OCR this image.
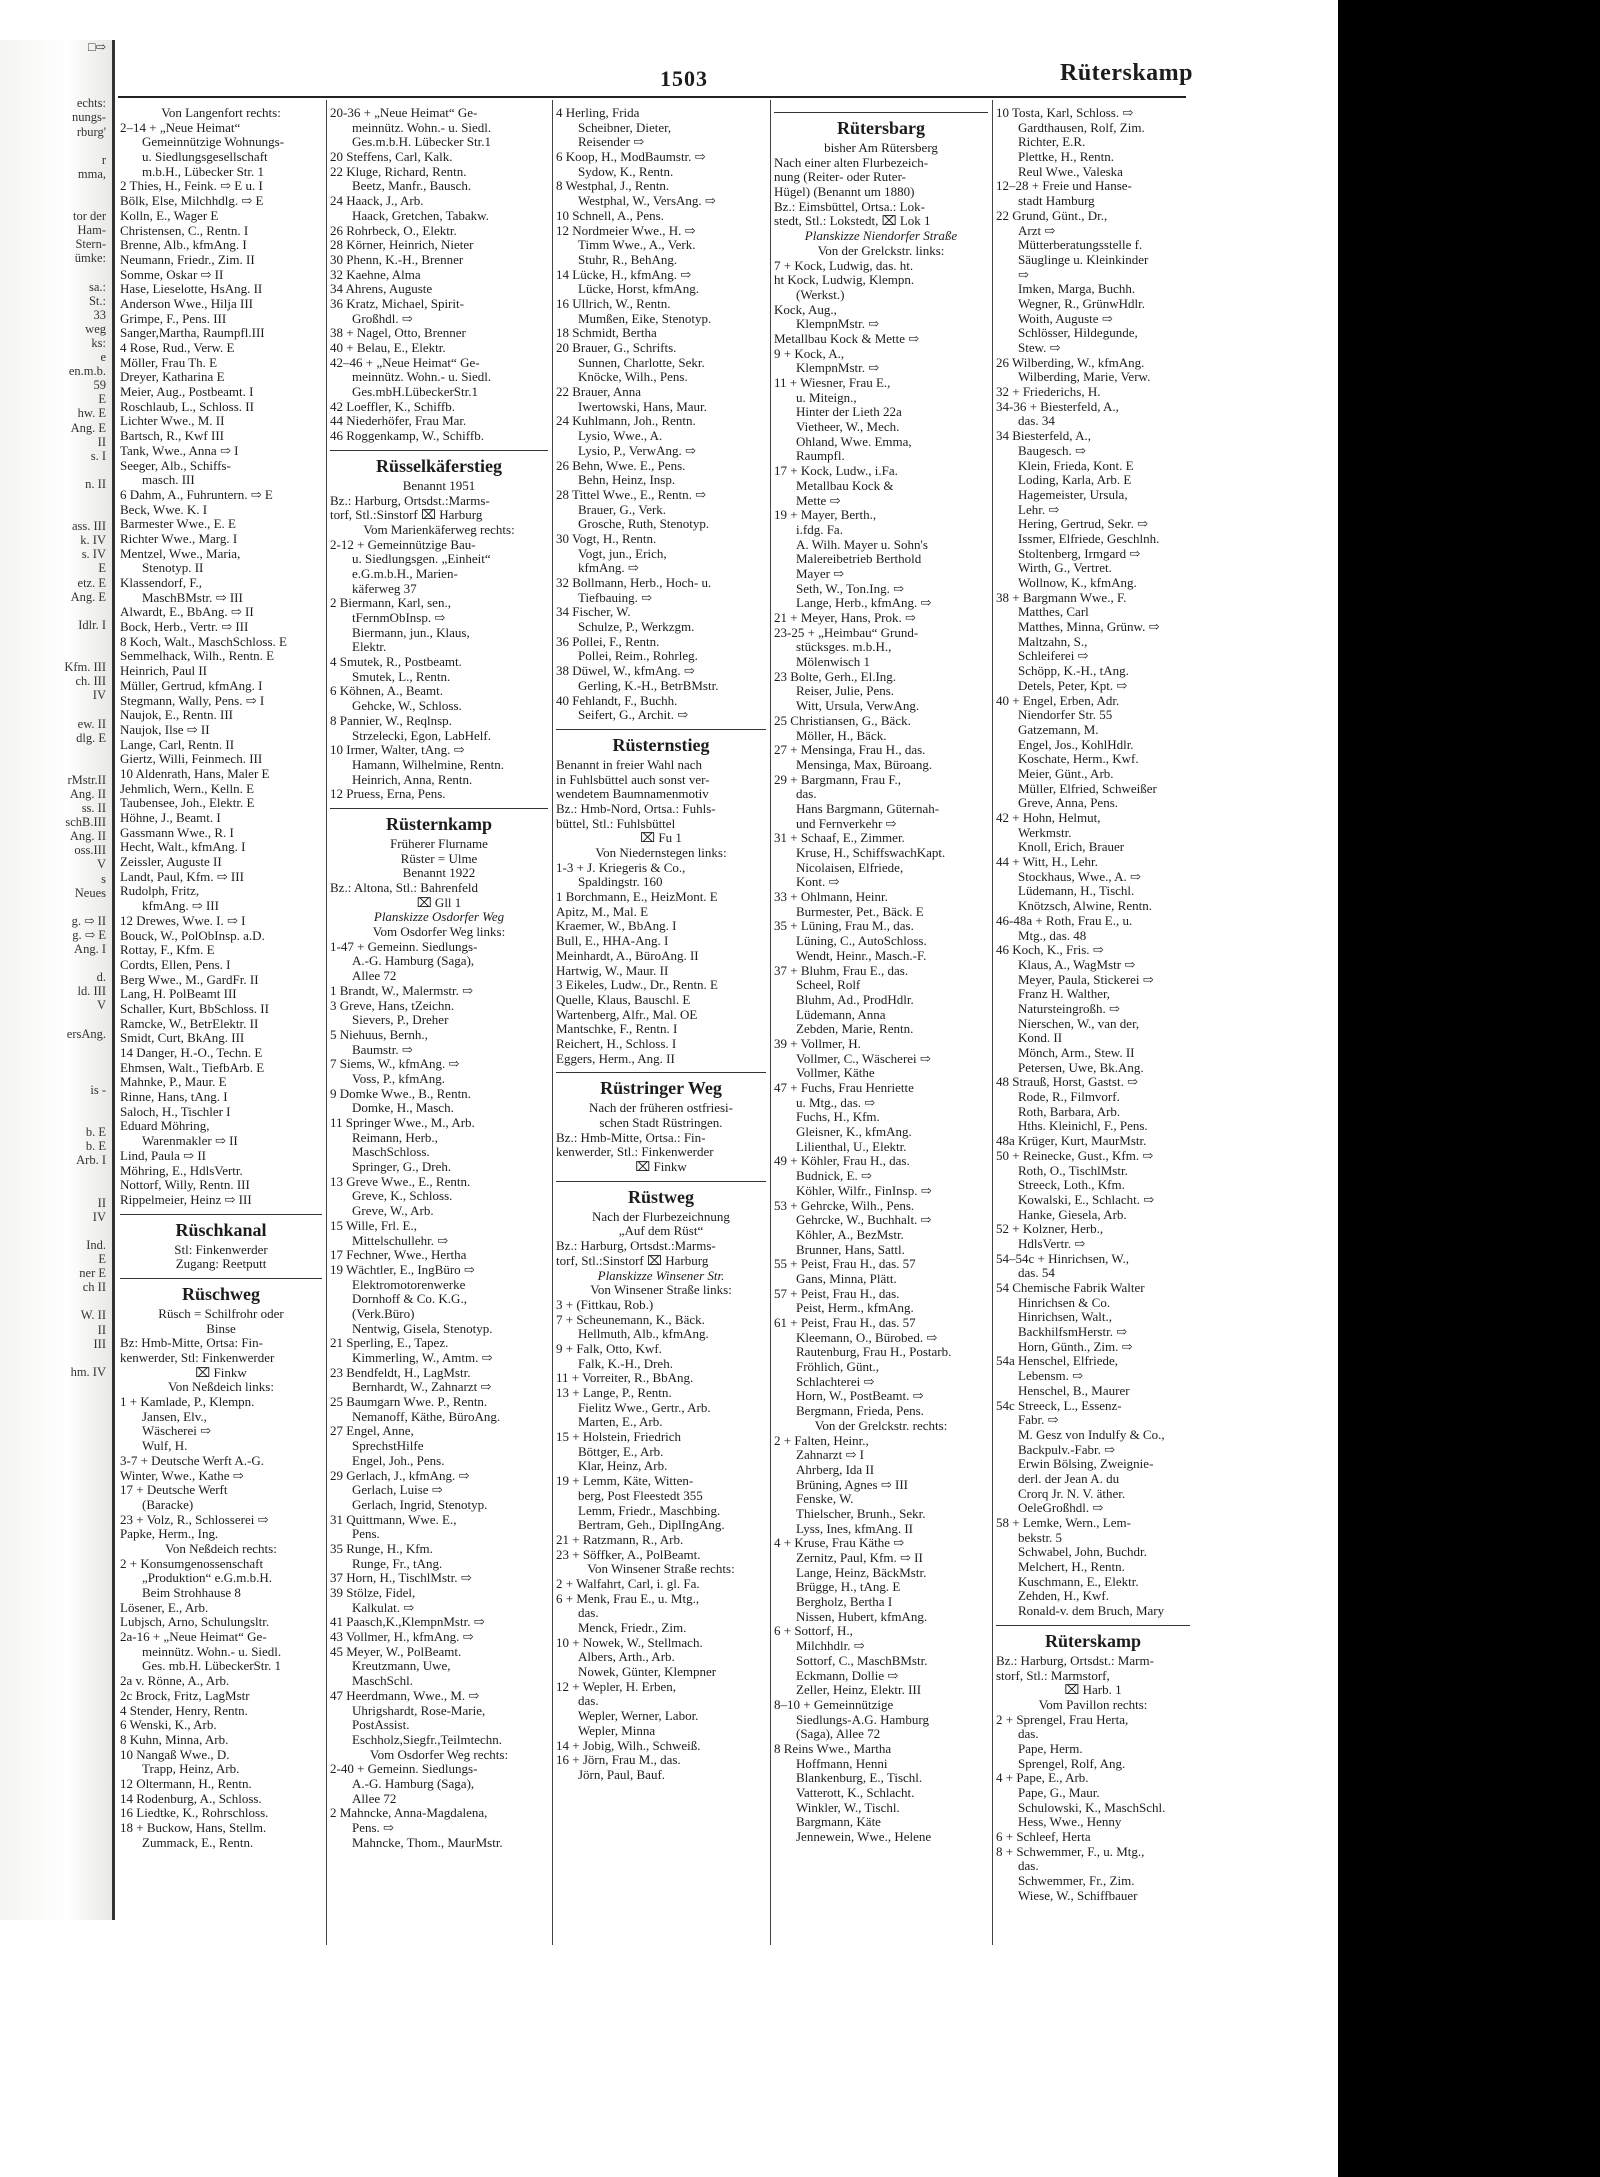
□⇨

echts:
nungs-
rburg'

r
mma,

tor der
Ham-
Stern-
ümke:

sa.:
St.:
33
weg
ks:
e
en.m.b.
59
E
hw. E
Ang. E
II
s. I

n. II

ass. III
k. IV
s. IV
E
etz. E
Ang. E

Idlr. I

Kfm. III
ch. III
IV

ew. II
dlg. E

rMstr.II
Ang. II
ss. II
schB.III
Ang. II
oss.III
V
s
Neues

g. ⇨ II
g. ⇨ E
Ang. I

d.
ld. III
V

ersAng.

is -

b. E
b. E
Arb. I

II
IV

Ind.
E
ner E
ch II

W. II
II
III

hm. IV
1503	Rüterskamp
Von Langenfort rechts:
2–14 + „Neue Heimat“
Gemeinnützige Wohnungs-
u. Siedlungsgesellschaft
m.b.H., Lübecker Str. 1
2 Thies, H., Feink. ⇨ E u. I
Bölk, Else, Milchhdlg. ⇨ E
Kolln, E., Wager E
Christensen, C., Rentn. I
Brenne, Alb., kfmAng. I
Neumann, Friedr., Zim. II
Somme, Oskar ⇨ II
Hase, Lieselotte, HsAng. II
Anderson Wwe., Hilja III
Grimpe, F., Pens. III
Sanger,Martha, Raumpfl.III
4 Rose, Rud., Verw. E
Möller, Frau Th. E
Dreyer, Katharina E
Meier, Aug., Postbeamt. I
Roschlaub, L., Schloss. II
Lichter Wwe., M. II
Bartsch, R., Kwf III
Tank, Wwe., Anna ⇨ I
Seeger, Alb., Schiffs-
masch. III
6 Dahm, A., Fuhruntern. ⇨ E
Beck, Wwe. K. I
Barmester Wwe., E. E
Richter Wwe., Marg. I
Mentzel, Wwe., Maria,
Stenotyp. II
Klassendorf, F.,
MaschBMstr. ⇨ III
Alwardt, E., BbAng. ⇨ II
Bock, Herb., Vertr. ⇨ III
8 Koch, Walt., MaschSchloss. E
Semmelhack, Wilh., Rentn. E
Heinrich, Paul II
Müller, Gertrud, kfmAng. I
Stegmann, Wally, Pens. ⇨ I
Naujok, E., Rentn. III
Naujok, Ilse ⇨ II
Lange, Carl, Rentn. II
Giertz, Willi, Feinmech. III
10 Aldenrath, Hans, Maler E
Jehmlich, Wern., Kelln. E
Taubensee, Joh., Elektr. E
Höhne, J., Beamt. I
Gassmann Wwe., R. I
Hecht, Walt., kfmAng. I
Zeissler, Auguste II
Landt, Paul, Kfm. ⇨ III
Rudolph, Fritz,
kfmAng. ⇨ III
12 Drewes, Wwe. I. ⇨ I
Bouck, W., PolObInsp. a.D.
Rottay, F., Kfm. E
Cordts, Ellen, Pens. I
Berg Wwe., M., GardFr. II
Lang, H. PolBeamt III
Schaller, Kurt, BbSchloss. II
Ramcke, W., BetrElektr. II
Smidt, Curt, BkAng. III
14 Danger, H.-O., Techn. E
Ehmsen, Walt., TiefbArb. E
Mahnke, P., Maur. E
Rinne, Hans, tAng. I
Saloch, H., Tischler I
Eduard Möhring,
Warenmakler ⇨ II
Lind, Paula ⇨ II
Möhring, E., HdlsVertr.
Nottorf, Willy, Rentn. III
Rippelmeier, Heinz ⇨ III
Rüschkanal
Stl: Finkenwerder
Zugang: Reetputt
Rüschweg
Rüsch = Schilfrohr oder
Binse
Bz: Hmb-Mitte, Ortsa: Fin-
kenwerder, Stl: Finkenwerder
⌧ Finkw
Von Neßdeich links:
1 + Kamlade, P., Klempn.
Jansen, Elv.,
Wäscherei ⇨
Wulf, H.
3-7 + Deutsche Werft A.-G.
Winter, Wwe., Kathe ⇨
17 + Deutsche Werft
(Baracke)
23 + Volz, R., Schlosserei ⇨
Papke, Herm., Ing.
Von Neßdeich rechts:
2 + Konsumgenossenschaft
„Produktion“ e.G.m.b.H.
Beim Strohhause 8
Lösener, E., Arb.
Lubjsch, Arno, Schulungsltr.
2a-16 + „Neue Heimat“ Ge-
meinnütz. Wohn.- u. Siedl.
Ges. mb.H. LübeckerStr. 1
2a v. Rönne, A., Arb.
2c Brock, Fritz, LagMstr
4 Stender, Henry, Rentn.
6 Wenski, K., Arb.
8 Kuhn, Minna, Arb.
10 Nangaß Wwe., D.
Trapp, Heinz, Arb.
12 Oltermann, H., Rentn.
14 Rodenburg, A., Schloss.
16 Liedtke, K., Rohrschloss.
18 + Buckow, Hans, Stellm.
Zummack, E., Rentn.
20-36 + „Neue Heimat“ Ge-
meinnütz. Wohn.- u. Siedl.
Ges.m.b.H. Lübecker Str.1
20 Steffens, Carl, Kalk.
22 Kluge, Richard, Rentn.
Beetz, Manfr., Bausch.
24 Haack, J., Arb.
Haack, Gretchen, Tabakw.
26 Rohrbeck, O., Elektr.
28 Körner, Heinrich, Nieter
30 Phenn, K.-H., Brenner
32 Kaehne, Alma
34 Ahrens, Auguste
36 Kratz, Michael, Spirit-
Großhdl. ⇨
38 + Nagel, Otto, Brenner
40 + Belau, E., Elektr.
42–46 + „Neue Heimat“ Ge-
meinnütz. Wohn.- u. Siedl.
Ges.mbH.LübeckerStr.1
42 Loeffler, K., Schiffb.
44 Niederhöfer, Frau Mar.
46 Roggenkamp, W., Schiffb.
Rüsselkäferstieg
Benannt 1951
Bz.: Harburg, Ortsdst.:Marms-
torf, Stl.:Sinstorf ⌧ Harburg
Vom Marienkäferweg rechts:
2-12 + Gemeinnützige Bau-
u. Siedlungsgen. „Einheit“
e.G.m.b.H., Marien-
käferweg 37
2 Biermann, Karl, sen.,
tFernmObInsp. ⇨
Biermann, jun., Klaus,
Elektr.
4 Smutek, R., Postbeamt.
Smutek, L., Rentn.
6 Köhnen, A., Beamt.
Gehcke, W., Schloss.
8 Pannier, W., Reqlnsp.
Strzelecki, Egon, LabHelf.
10 Irmer, Walter, tAng. ⇨
Hamann, Wilhelmine, Rentn.
Heinrich, Anna, Rentn.
12 Pruess, Erna, Pens.
Rüsternkamp
Früherer Flurname
Rüster = Ulme
Benannt 1922
Bz.: Altona, Stl.: Bahrenfeld
⌧ Gll 1
Planskizze Osdorfer Weg
Vom Osdorfer Weg links:
1-47 + Gemeinn. Siedlungs-
A.-G. Hamburg (Saga),
Allee 72
1 Brandt, W., Malermstr. ⇨
3 Greve, Hans, tZeichn.
Sievers, P., Dreher
5 Niehuus, Bernh.,
Baumstr. ⇨
7 Siems, W., kfmAng. ⇨
Voss, P., kfmAng.
9 Domke Wwe., B., Rentn.
Domke, H., Masch.
11 Springer Wwe., M., Arb.
Reimann, Herb.,
MaschSchloss.
Springer, G., Dreh.
13 Greve Wwe., E., Rentn.
Greve, K., Schloss.
Greve, W., Arb.
15 Wille, Frl. E.,
Mittelschullehr. ⇨
17 Fechner, Wwe., Hertha
19 Wächtler, E., IngBüro ⇨
Elektromotorenwerke
Dornhoff & Co. K.G.,
(Verk.Büro)
Nentwig, Gisela, Stenotyp.
21 Sperling, E., Tapez.
Kimmerling, W., Amtm. ⇨
23 Bendfeldt, H., LagMstr.
Bernhardt, W., Zahnarzt ⇨
25 Baumgarn Wwe. P., Rentn.
Nemanoff, Käthe, BüroAng.
27 Engel, Anne,
SprechstHilfe
Engel, Joh., Pens.
29 Gerlach, J., kfmAng. ⇨
Gerlach, Luise ⇨
Gerlach, Ingrid, Stenotyp.
31 Quittmann, Wwe. E.,
Pens.
35 Runge, H., Kfm.
Runge, Fr., tAng.
37 Horn, H., TischlMstr. ⇨
39 Stölze, Fidel,
Kalkulat. ⇨
41 Paasch,K.,KlempnMstr. ⇨
43 Vollmer, H., kfmAng. ⇨
45 Meyer, W., PolBeamt.
Kreutzmann, Uwe,
MaschSchl.
47 Heerdmann, Wwe., M. ⇨
Uhrigshardt, Rose-Marie,
PostAssist.
Eschholz,Siegfr.,Teilmtechn.
Vom Osdorfer Weg rechts:
2-40 + Gemeinn. Siedlungs-
A.-G. Hamburg (Saga),
Allee 72
2 Mahncke, Anna-Magdalena,
Pens. ⇨
Mahncke, Thom., MaurMstr.
4 Herling, Frida
Scheibner, Dieter,
Reisender ⇨
6 Koop, H., ModBaumstr. ⇨
Sydow, K., Rentn.
8 Westphal, J., Rentn.
Westphal, W., VersAng. ⇨
10 Schnell, A., Pens.
12 Nordmeier Wwe., H. ⇨
Timm Wwe., A., Verk.
Stuhr, R., BehAng.
14 Lücke, H., kfmAng. ⇨
Lücke, Horst, kfmAng.
16 Ullrich, W., Rentn.
Mumßen, Eike, Stenotyp.
18 Schmidt, Bertha
20 Brauer, G., Schrifts.
Sunnen, Charlotte, Sekr.
Knöcke, Wilh., Pens.
22 Brauer, Anna
Iwertowski, Hans, Maur.
24 Kuhlmann, Joh., Rentn.
Lysio, Wwe., A.
Lysio, P., VerwAng. ⇨
26 Behn, Wwe. E., Pens.
Behn, Heinz, Insp.
28 Tittel Wwe., E., Rentn. ⇨
Brauer, G., Verk.
Grosche, Ruth, Stenotyp.
30 Vogt, H., Rentn.
Vogt, jun., Erich,
kfmAng. ⇨
32 Bollmann, Herb., Hoch- u.
Tiefbauing. ⇨
34 Fischer, W.
Schulze, P., Werkzgm.
36 Pollei, F., Rentn.
Pollei, Reim., Rohrleg.
38 Düwel, W., kfmAng. ⇨
Gerling, K.-H., BetrBMstr.
40 Fehlandt, F., Buchh.
Seifert, G., Archit. ⇨
Rüsternstieg
Benannt in freier Wahl nach
in Fuhlsbüttel auch sonst ver-
wendetem Baumnamenmotiv
Bz.: Hmb-Nord, Ortsa.: Fuhls-
büttel, Stl.: Fuhlsbüttel
⌧ Fu 1
Von Niedernstegen links:
1-3 + J. Kriegeris & Co.,
Spaldingstr. 160
1 Borchmann, E., HeizMont. E
Apitz, M., Mal. E
Kraemer, W., BbAng. I
Bull, E., HHA-Ang. I
Meinhardt, A., BüroAng. II
Hartwig, W., Maur. II
3 Eikeles, Ludw., Dr., Rentn. E
Quelle, Klaus, Bauschl. E
Wartenberg, Alfr., Mal. OE
Mantschke, F., Rentn. I
Reichert, H., Schloss. I
Eggers, Herm., Ang. II
Rüstringer Weg
Nach der früheren ostfriesi-
schen Stadt Rüstringen.
Bz.: Hmb-Mitte, Ortsa.: Fin-
kenwerder, Stl.: Finkenwerder
⌧ Finkw
Rüstweg
Nach der Flurbezeichnung
„Auf dem Rüst“
Bz.: Harburg, Ortsdst.:Marms-
torf, Stl.:Sinstorf ⌧ Harburg
Planskizze Winsener Str.
Von Winsener Straße links:
3 + (Fittkau, Rob.)
7 + Scheunemann, K., Bäck.
Hellmuth, Alb., kfmAng.
9 + Falk, Otto, Kwf.
Falk, K.-H., Dreh.
11 + Vorreiter, R., BbAng.
13 + Lange, P., Rentn.
Fielitz Wwe., Gertr., Arb.
Marten, E., Arb.
15 + Holstein, Friedrich
Böttger, E., Arb.
Klar, Heinz, Arb.
19 + Lemm, Käte, Witten-
berg, Post Fleestedt 355
Lemm, Friedr., Maschbing.
Bertram, Geh., DiplIngAng.
21 + Ratzmann, R., Arb.
23 + Söffker, A., PolBeamt.
Von Winsener Straße rechts:
2 + Walfahrt, Carl, i. gl. Fa.
6 + Menk, Frau E., u. Mtg.,
das.
Menck, Friedr., Zim.
10 + Nowek, W., Stellmach.
Albers, Arth., Arb.
Nowek, Günter, Klempner
12 + Wepler, H. Erben,
das.
Wepler, Werner, Labor.
Wepler, Minna
14 + Jobig, Wilh., Schweiß.
16 + Jörn, Frau M., das.
Jörn, Paul, Bauf.
Rütersbarg
bisher Am Rütersberg
Nach einer alten Flurbezeich-
nung (Reiter- oder Ruter-
Hügel) (Benannt um 1880)
Bz.: Eimsbüttel, Ortsa.: Lok-
stedt, Stl.: Lokstedt, ⌧ Lok 1
Planskizze Niendorfer Straße
Von der Grelckstr. links:
7 + Kock, Ludwig, das. ht.
ht Kock, Ludwig, Klempn.
(Werkst.)
Kock, Aug.,
KlempnMstr. ⇨
Metallbau Kock & Mette ⇨
9 + Kock, A.,
KlempnMstr. ⇨
11 + Wiesner, Frau E.,
u. Miteign.,
Hinter der Lieth 22a
Vietheer, W., Mech.
Ohland, Wwe. Emma,
Raumpfl.
17 + Kock, Ludw., i.Fa.
Metallbau Kock &
Mette ⇨
19 + Mayer, Berth.,
i.fdg. Fa.
A. Wilh. Mayer u. Sohn's
Malereibetrieb Berthold
Mayer ⇨
Seth, W., Ton.Ing. ⇨
Lange, Herb., kfmAng. ⇨
21 + Meyer, Hans, Prok. ⇨
23-25 + „Heimbau“ Grund-
stücksges. m.b.H.,
Mölenwisch 1
23 Bolte, Gerh., El.Ing.
Reiser, Julie, Pens.
Witt, Ursula, VerwAng.
25 Christiansen, G., Bäck.
Möller, H., Bäck.
27 + Mensinga, Frau H., das.
Mensinga, Max, Büroang.
29 + Bargmann, Frau F.,
das.
Hans Bargmann, Güternah-
und Fernverkehr ⇨
31 + Schaaf, E., Zimmer.
Kruse, H., SchiffswachKapt.
Nicolaisen, Elfriede,
Kont. ⇨
33 + Ohlmann, Heinr.
Burmester, Pet., Bäck. E
35 + Lüning, Frau M., das.
Lüning, C., AutoSchloss.
Wendt, Heinr., Masch.-F.
37 + Bluhm, Frau E., das.
Scheel, Rolf
Bluhm, Ad., ProdHdlr.
Lüdemann, Anna
Zebden, Marie, Rentn.
39 + Vollmer, H.
Vollmer, C., Wäscherei ⇨
Vollmer, Käthe
47 + Fuchs, Frau Henriette
u. Mtg., das. ⇨
Fuchs, H., Kfm.
Gleisner, K., kfmAng.
Lilienthal, U., Elektr.
49 + Köhler, Frau H., das.
Budnick, E. ⇨
Köhler, Wilfr., FinInsp. ⇨
53 + Gehrcke, Wilh., Pens.
Gehrcke, W., Buchhalt. ⇨
Köhler, A., BezMstr.
Brunner, Hans, Sattl.
55 + Peist, Frau H., das. 57
Gans, Minna, Plätt.
57 + Peist, Frau H., das.
Peist, Herm., kfmAng.
61 + Peist, Frau H., das. 57
Kleemann, O., Bürobed. ⇨
Rautenburg, Frau H., Postarb.
Fröhlich, Günt.,
Schlachterei ⇨
Horn, W., PostBeamt. ⇨
Bergmann, Frieda, Pens.
Von der Grelckstr. rechts:
2 + Falten, Heinr.,
Zahnarzt ⇨ I
Ahrberg, Ida II
Brüning, Agnes ⇨ III
Fenske, W.
Thielscher, Brunh., Sekr.
Lyss, Ines, kfmAng. II
4 + Kruse, Frau Käthe ⇨
Zernitz, Paul, Kfm. ⇨ II
Lange, Heinz, BäckMstr.
Brügge, H., tAng. E
Bergholz, Bertha I
Nissen, Hubert, kfmAng.
6 + Sottorf, H.,
Milchhdlr. ⇨
Sottorf, C., MaschBMstr.
Eckmann, Dollie ⇨
Zeller, Heinz, Elektr. III
8–10 + Gemeinnützige
Siedlungs-A.G. Hamburg
(Saga), Allee 72
8 Reins Wwe., Martha
Hoffmann, Henni
Blankenburg, E., Tischl.
Vatterott, K., Schlacht.
Winkler, W., Tischl.
Bargmann, Käte
Jennewein, Wwe., Helene
10 Tosta, Karl, Schloss. ⇨
Gardthausen, Rolf, Zim.
Richter, E.R.
Plettke, H., Rentn.
Reul Wwe., Valeska
12–28 + Freie und Hanse-
stadt Hamburg
22 Grund, Günt., Dr.,
Arzt ⇨
Mütterberatungsstelle f.
Säuglinge u. Kleinkinder
⇨
Imken, Marga, Buchh.
Wegner, R., GrünwHdlr.
Woith, Auguste ⇨
Schlösser, Hildegunde,
Stew. ⇨
26 Wilberding, W., kfmAng.
Wilberding, Marie, Verw.
32 + Friederichs, H.
34-36 + Biesterfeld, A.,
das. 34
34 Biesterfeld, A.,
Baugesch. ⇨
Klein, Frieda, Kont. E
Loding, Karla, Arb. E
Hagemeister, Ursula,
Lehr. ⇨
Hering, Gertrud, Sekr. ⇨
Issmer, Elfriede, Geschlnh.
Stoltenberg, Irmgard ⇨
Wirth, G., Vertret.
Wollnow, K., kfmAng.
38 + Bargmann Wwe., F.
Matthes, Carl
Matthes, Minna, Grünw. ⇨
Maltzahn, S.,
Schleiferei ⇨
Schöpp, K.-H., tAng.
Detels, Peter, Kpt. ⇨
40 + Engel, Erben, Adr.
Niendorfer Str. 55
Gatzemann, M.
Engel, Jos., KohlHdlr.
Koschate, Herm., Kwf.
Meier, Günt., Arb.
Müller, Elfried, Schweißer
Greve, Anna, Pens.
42 + Hohn, Helmut,
Werkmstr.
Knoll, Erich, Brauer
44 + Witt, H., Lehr.
Stockhaus, Wwe., A. ⇨
Lüdemann, H., Tischl.
Knötzsch, Alwine, Rentn.
46-48a + Roth, Frau E., u.
Mtg., das. 48
46 Koch, K., Fris. ⇨
Klaus, A., WagMstr ⇨
Meyer, Paula, Stickerei ⇨
Franz H. Walther,
Natursteingroßh. ⇨
Nierschen, W., van der,
Kond. II
Mönch, Arm., Stew. II
Petersen, Uwe, Bk.Ang.
48 Strauß, Horst, Gastst. ⇨
Rode, R., Filmvorf.
Roth, Barbara, Arb.
Hths. Kleinichl, F., Pens.
48a Krüger, Kurt, MaurMstr.
50 + Reinecke, Gust., Kfm. ⇨
Roth, O., TischlMstr.
Streeck, Loth., Kfm.
Kowalski, E., Schlacht. ⇨
Hanke, Giesela, Arb.
52 + Kolzner, Herb.,
HdlsVertr. ⇨
54–54c + Hinrichsen, W.,
das. 54
54 Chemische Fabrik Walter
Hinrichsen & Co.
Hinrichsen, Walt.,
BackhilfsmHerstr. ⇨
Horn, Günth., Zim. ⇨
54a Henschel, Elfriede,
Lebensm. ⇨
Henschel, B., Maurer
54c Streeck, L., Essenz-
Fabr. ⇨
M. Gesz von Indulfy & Co.,
Backpulv.-Fabr. ⇨
Erwin Bölsing, Zweignie-
derl. der Jean A. du
Crorq Jr. N. V. äther.
OeleGroßhdl. ⇨
58 + Lemke, Wern., Lem-
bekstr. 5
Schwabel, John, Buchdr.
Melchert, H., Rentn.
Kuschmann, E., Elektr.
Zehden, H., Kwf.
Ronald-v. dem Bruch, Mary
Rüterskamp
Bz.: Harburg, Ortsdst.: Marm-
storf, Stl.: Marmstorf,
⌧ Harb. 1
Vom Pavillon rechts:
2 + Sprengel, Frau Herta,
das.
Pape, Herm.
Sprengel, Rolf, Ang.
4 + Pape, E., Arb.
Pape, G., Maur.
Schulowski, K., MaschSchl.
Hess, Wwe., Henny
6 + Schleef, Herta
8 + Schwemmer, F., u. Mtg.,
das.
Schwemmer, Fr., Zim.
Wiese, W., Schiffbauer
